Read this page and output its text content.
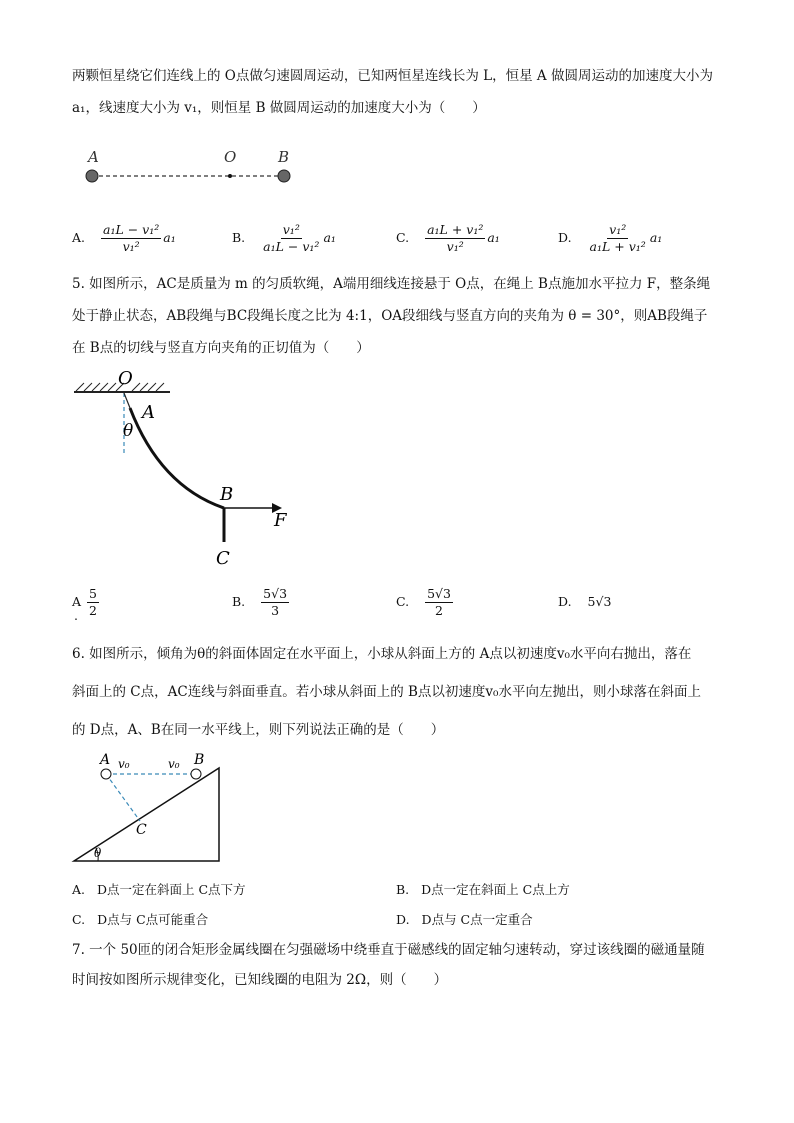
两颗恒星绕它们连线上的 O点做匀速圆周运动，已知两恒星连线长为 L，恒星 A 做圆周运动的加速度大小为
a₁，线速度大小为 v₁，则恒星 B 做圆周运动的加速度大小为（　　）
A	O	B
A. $\frac{\text{a₁L − v₁²}}{\text{v₁²}} a_1$	B. $\frac{\text{v₁²}}{\text{a₁L − v₁²}} a_1$	C. $\frac{\text{a₁L + v₁²}}{\text{v₁²}} a_1$	D. $\frac{\text{v₁²}}{\text{a₁L + v₁²}} a_1$
5. 如图所示，AC是质量为 m 的匀质软绳，A端用细线连接悬于 O点，在绳上 B点施加水平拉力 F，整条绳
处于静止状态，AB段绳与BC段绳长度之比为 4:1，OA段细线与竖直方向的夹角为 θ = 30°，则AB段绳子
在 B点的切线与竖直方向夹角的正切值为（　　）
O
A
θ
B
F
C
A $\frac{5}{2}$
.
B. $\frac{5√3}{3}$	C. $\frac{5√3}{2}$	D. 5√3
6. 如图所示，倾角为θ的斜面体固定在水平面上，小球从斜面上方的 A点以初速度v₀水平向右抛出，落在
斜面上的 C点，AC连线与斜面垂直。若小球从斜面上的 B点以初速度v₀水平向左抛出，则小球落在斜面上
的 D点，A、B在同一水平线上，则下列说法正确的是（　　）
A v₀	v₀ B
C
θ
A. D点一定在斜面上 C点下方	B. D点一定在斜面上 C点上方
C. D点与 C点可能重合	D. D点与 C点一定重合
7. 一个 50匝的闭合矩形金属线圈在匀强磁场中绕垂直于磁感线的固定轴匀速转动，穿过该线圈的磁通量随
时间按如图所示规律变化，已知线圈的电阻为 2Ω，则（　　）
